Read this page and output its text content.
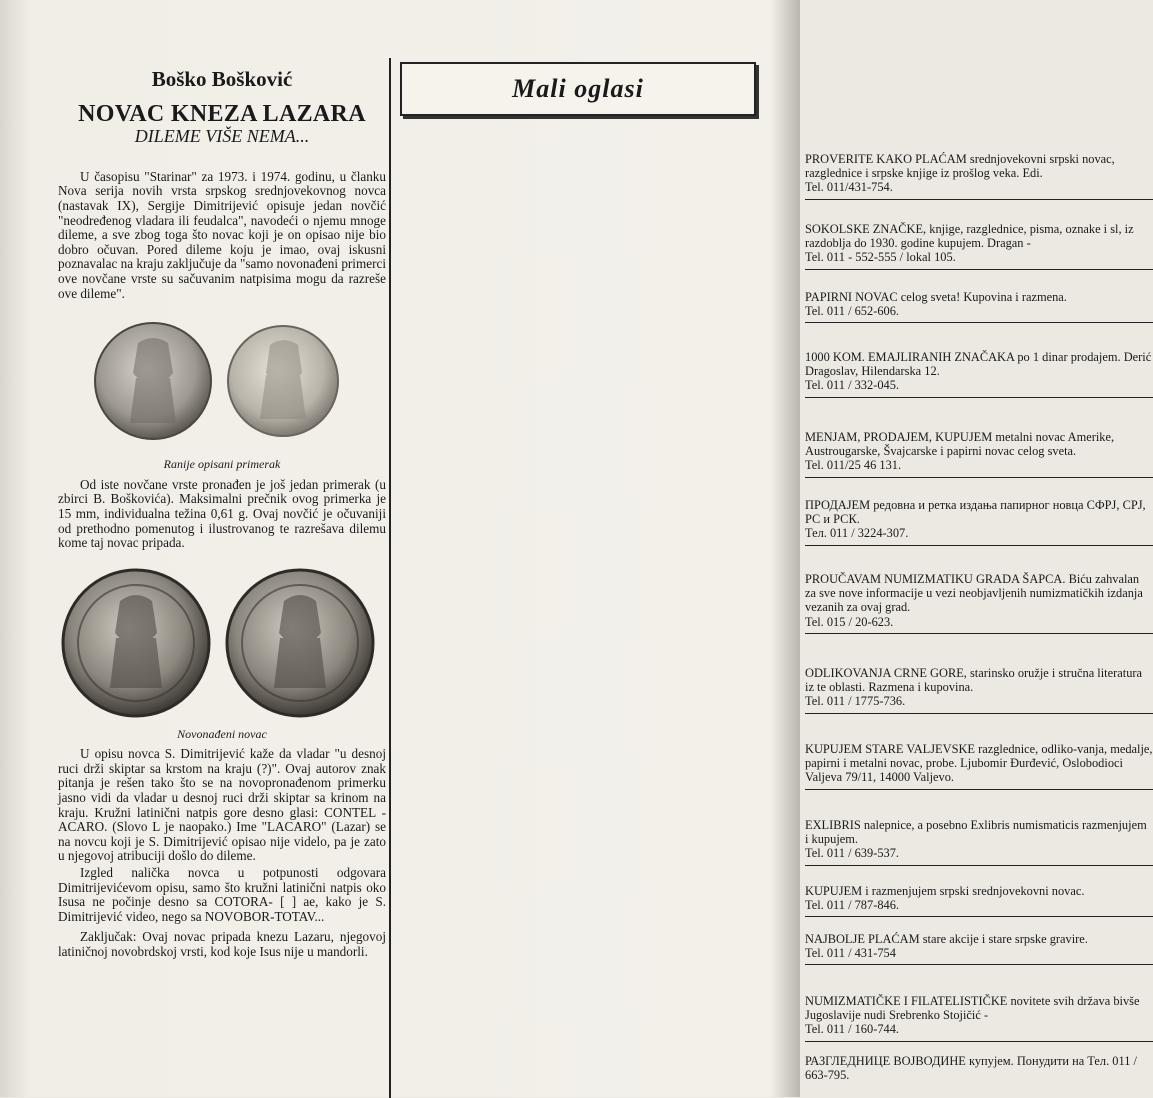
Boško Bošković
NOVAC KNEZA LAZARA
DILEME VIŠE NEMA...

U časopisu "Starinar" za 1973. i 1974. godinu, u članku Nova serija novih vrsta srpskog srednjovekovnog novca (nastavak IX), Sergije Dimitrijević opisuje jedan novčić "neodređenog vladara ili feudalca", navodeći o njemu mnoge dileme, a sve zbog toga što novac koji je on opisao nije bio dobro očuvan. Pored dileme koju je imao, ovaj iskusni poznavalac na kraju zaključuje da "samo novonađeni primerci ove novčane vrste su sačuvanim natpisima mogu da razreše ove dileme".

Ranije opisani primerak

Od iste novčane vrste pronađen je još jedan primerak (u zbirci B. Boškovića). Maksimalni prečnik ovog primerka je 15 mm, individualna težina 0,61 g. Ovaj novčić je očuvaniji od prethodno pomenutog i ilustrovanog te razrešava dilemu kome taj novac pripada.

Novonađeni novac

U opisu novca S. Dimitrijević kaže da vladar "u desnoj ruci drži skiptar sa krstom na kraju (?)". Ovaj autorov znak pitanja je rešen tako što se na novopronađenom primerku jasno vidi da vladar u desnoj ruci drži skiptar sa krinom na kraju. Kružni latinični natpis gore desno glasi: CONTEL - ACARO. (Slovo L je naopako.) Ime "LACARO" (Lazar) se na novcu koji je S. Dimitrijević opisao nije videlo, pa je zato u njegovoj atribuciji došlo do dileme.

Izgled nalička novca u potpunosti odgovara Dimitrijevićevom opisu, samo što kružni latinični natpis oko Isusa ne počinje desno sa COTORA- [ ] ae, kako je S. Dimitrijević video, nego sa NOVOBOR-TOTAV...

Zaključak: Ovaj novac pripada knezu Lazaru, njegovoj latiničnoj novobrdskoj vrsti, kod koje Isus nije u mandorli.

Mali oglasi
PROVERITE KAKO PLAĆAM srednjovekovni srpski novac, razglednice i srpske knjige iz prošlog veka. Edi.
Tel. 011/431-754.
SOKOLSKE ZNAČKE, knjige, razglednice, pisma, oznake i sl, iz razdoblja do 1930. godine kupujem. Dragan -
Tel. 011 - 552-555 / lokal 105.
PAPIRNI NOVAC celog sveta! Kupovina i razmena.
Tel. 011 / 652-606.
1000 KOM. EMAJLIRANIH ZNAČAKA po 1 dinar prodajem. Derić Dragoslav, Hilendarska 12.
Tel. 011 / 332-045.
MENJAM, PRODAJEM, KUPUJEM metalni novac Amerike, Austrougarske, Švajcarske i papirni novac celog sveta.
Tel. 011/25 46 131.
ПРОДАЈЕМ редовна и ретка издања папирног новца СФРЈ, СРЈ, РС и РСК.
Тел. 011 / 3224-307.
PROUČAVAM NUMIZMATIKU GRADA ŠAPCA. Biću zahvalan za sve nove informacije u vezi neobjavljenih numizmatičkih izdanja vezanih za ovaj grad.
Tel. 015 / 20-623.
ODLIKOVANJA CRNE GORE, starinsko oružje i stručna literatura iz te oblasti. Razmena i kupovina.
Tel. 011 / 1775-736.
KUPUJEM STARE VALJEVSKE razglednice, odliko-vanja, medalje, papirni i metalni novac, probe. Ljubomir Đurđević, Oslobodioci Valjeva 79/11, 14000 Valjevo.
EXLIBRIS nalepnice, a posebno Exlibris numismaticis razmenjujem i kupujem.
Tel. 011 / 639-537.
KUPUJEM i razmenjujem srpski srednjovekovni novac.
Tel. 011 / 787-846.
NAJBOLJE PLAĆAM stare akcije i stare srpske gravire.
Tel. 011 / 431-754
NUMIZMATIČKE I FILATELISTIČKE novitete svih država bivše Jugoslavije nudi Srebrenko Stojičić -
Tel. 011 / 160-744.
РАЗГЛЕДНИЦЕ ВОЈВОДИНЕ купујем. Понудити на Тел. 011 / 663-795.
